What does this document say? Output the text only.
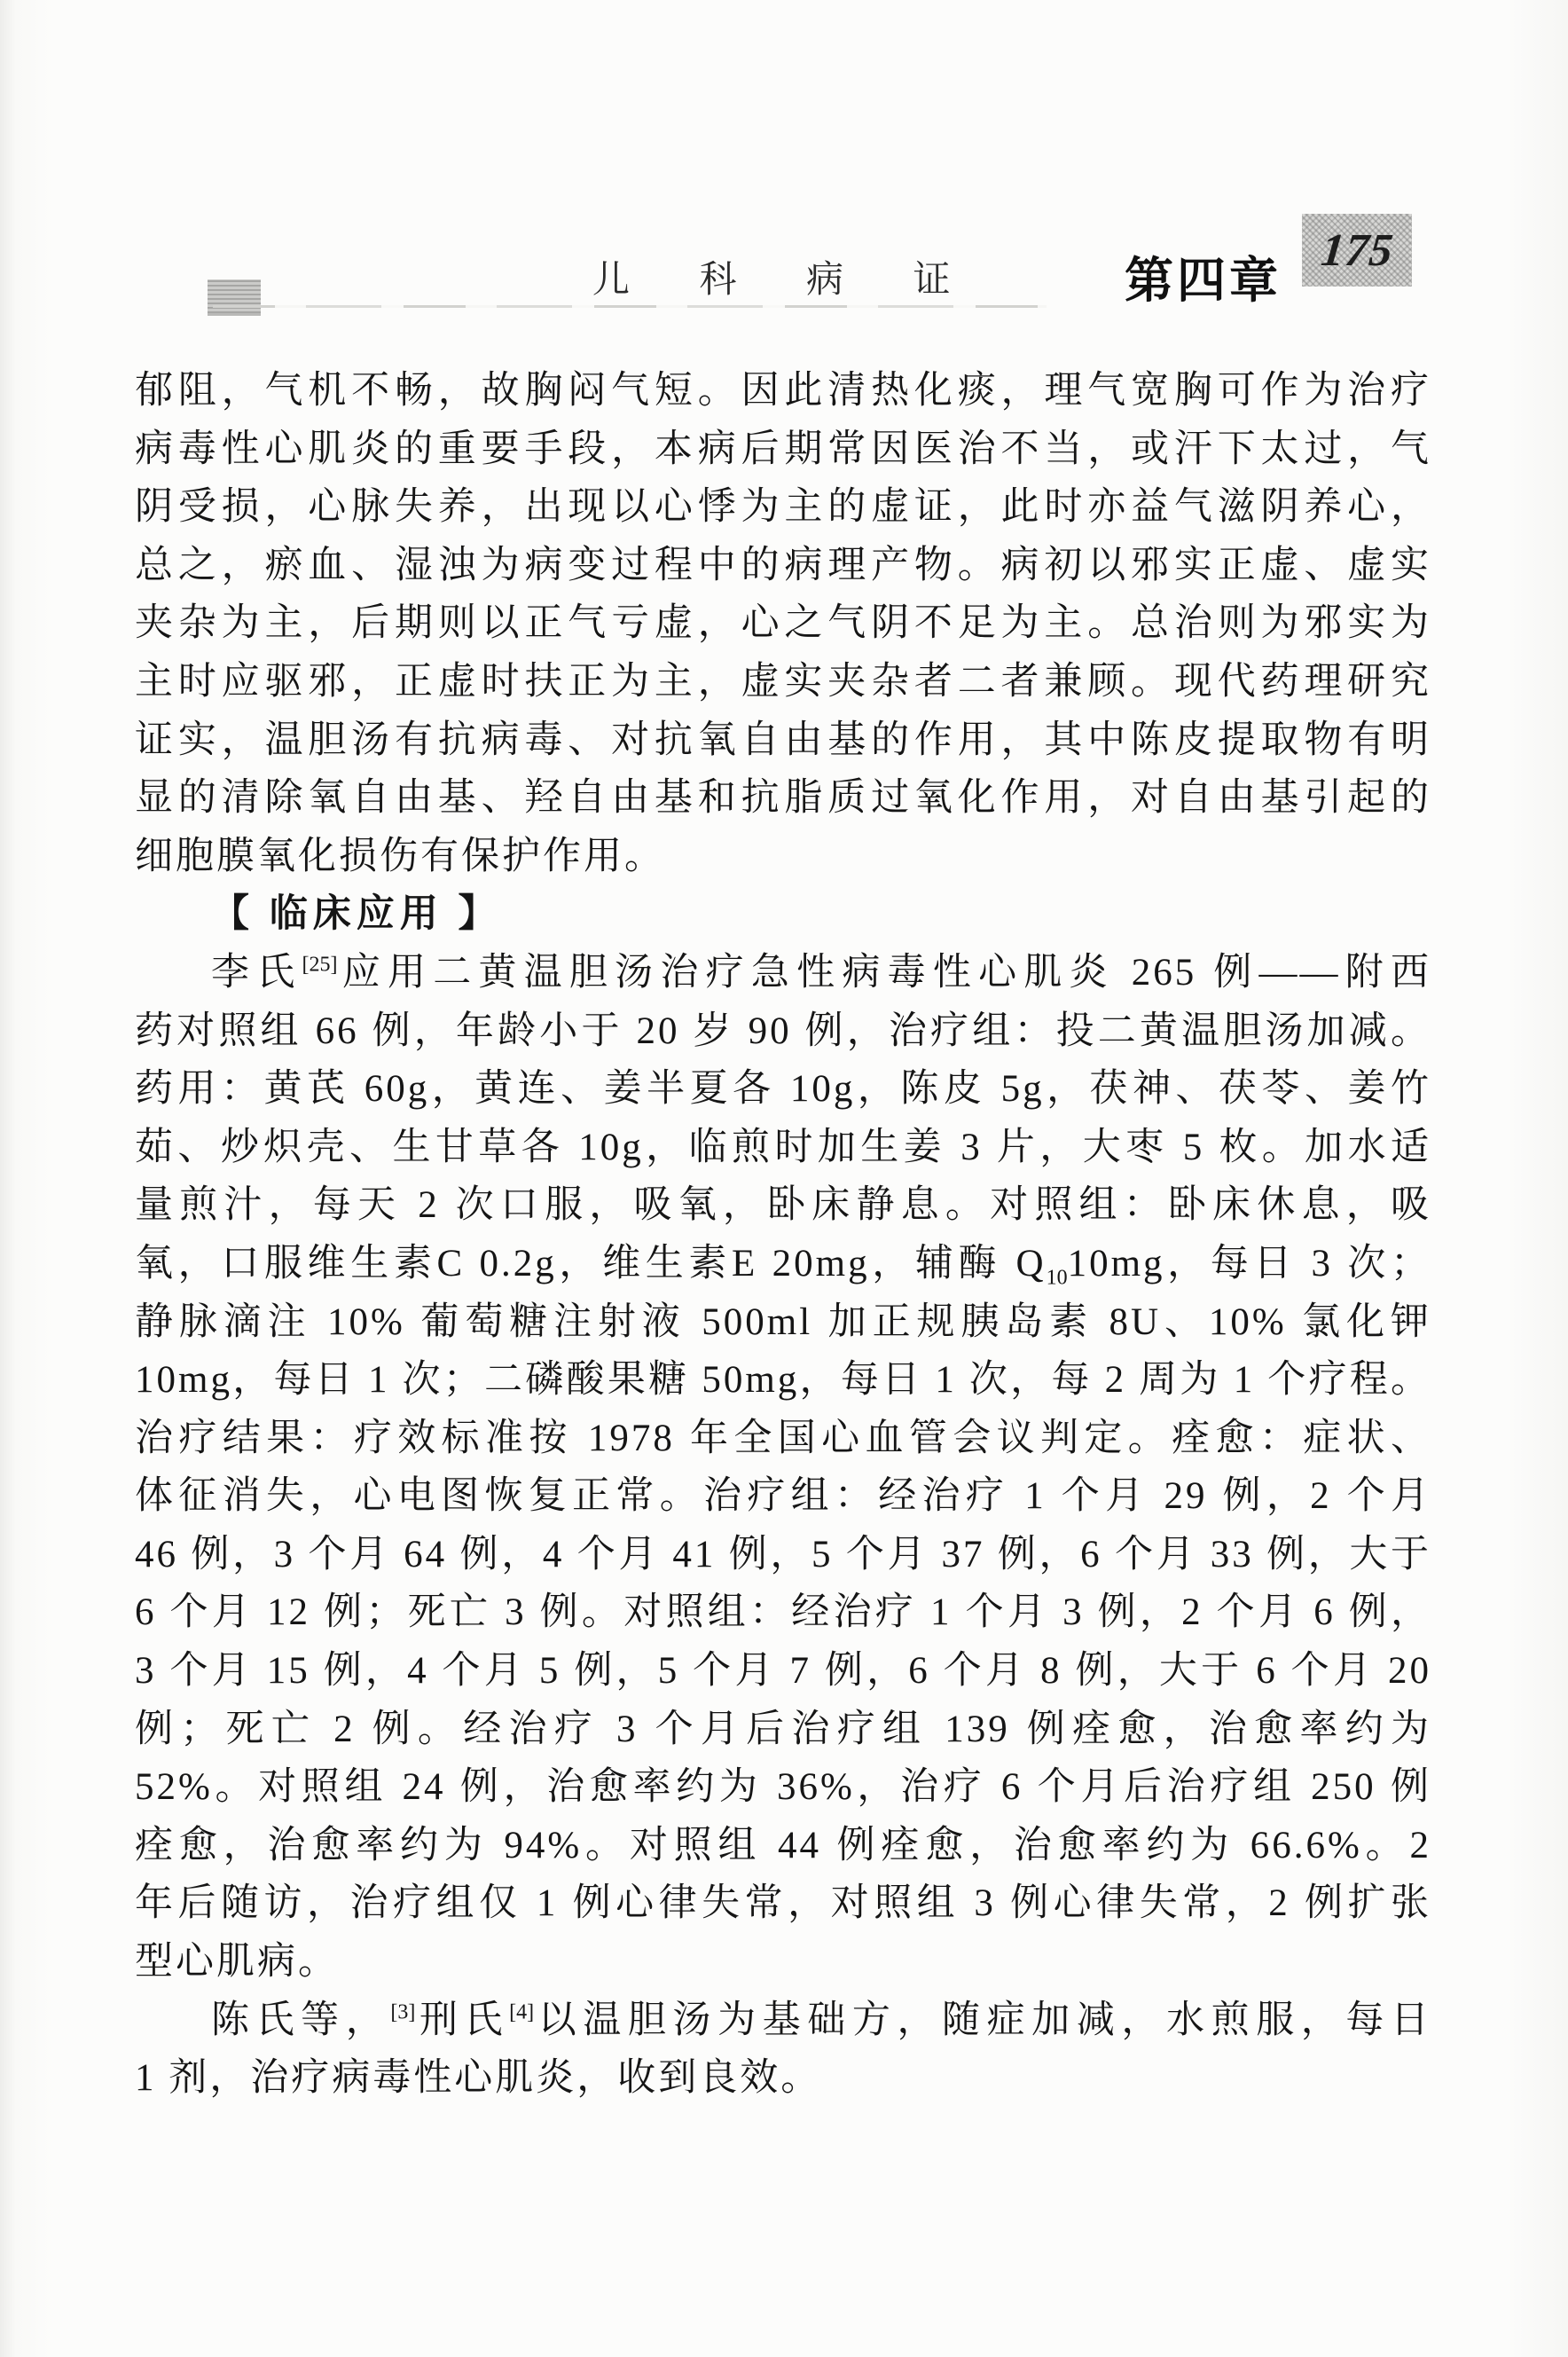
儿 科 病 证	第四章
175
郁阻，气机不畅，故胸闷气短。因此清热化痰，理气宽胸可作为治疗
病毒性心肌炎的重要手段，本病后期常因医治不当，或汗下太过，气
阴受损，心脉失养，出现以心悸为主的虚证，此时亦益气滋阴养心，
总之，瘀血、湿浊为病变过程中的病理产物。病初以邪实正虚、虚实
夹杂为主，后期则以正气亏虚，心之气阴不足为主。总治则为邪实为
主时应驱邪，正虚时扶正为主，虚实夹杂者二者兼顾。现代药理研究
证实，温胆汤有抗病毒、对抗氧自由基的作用，其中陈皮提取物有明
显的清除氧自由基、羟自由基和抗脂质过氧化作用，对自由基引起的
细胞膜氧化损伤有保护作用。
【 临床应用 】
李氏[25]应用二黄温胆汤治疗急性病毒性心肌炎 265 例——附西
药对照组 66 例，年龄小于 20 岁 90 例，治疗组：投二黄温胆汤加减。
药用：黄芪 60g，黄连、姜半夏各 10g，陈皮 5g，茯神、茯苓、姜竹
茹、炒炽壳、生甘草各 10g，临煎时加生姜 3 片，大枣 5 枚。加水适
量煎汁，每天 2 次口服，吸氧，卧床静息。对照组：卧床休息，吸
氧，口服维生素C 0.2g，维生素E 20mg，辅酶 $Q_{10}10mg$，每日 3 次；
静脉滴注 10% 葡萄糖注射液 500ml 加正规胰岛素 8U、10% 氯化钾
10mg，每日 1 次；二磷酸果糖 50mg，每日 1 次，每 2 周为 1 个疗程。
治疗结果：疗效标准按 1978 年全国心血管会议判定。痊愈：症状、
体征消失，心电图恢复正常。治疗组：经治疗 1 个月 29 例，2 个月
46 例，3 个月 64 例，4 个月 41 例，5 个月 37 例，6 个月 33 例，大于
6 个月 12 例；死亡 3 例。对照组：经治疗 1 个月 3 例，2 个月 6 例，
3 个月 15 例，4 个月 5 例，5 个月 7 例，6 个月 8 例，大于 6 个月 20
例；死亡 2 例。经治疗 3 个月后治疗组 139 例痊愈，治愈率约为
52%。对照组 24 例，治愈率约为 36%，治疗 6 个月后治疗组 250 例
痊愈，治愈率约为 94%。对照组 44 例痊愈，治愈率约为 66.6%。2
年后随访，治疗组仅 1 例心律失常，对照组 3 例心律失常，2 例扩张
型心肌病。
陈氏等，[3]刑氏[4]以温胆汤为基础方，随症加减，水煎服，每日
1 剂，治疗病毒性心肌炎，收到良效。
